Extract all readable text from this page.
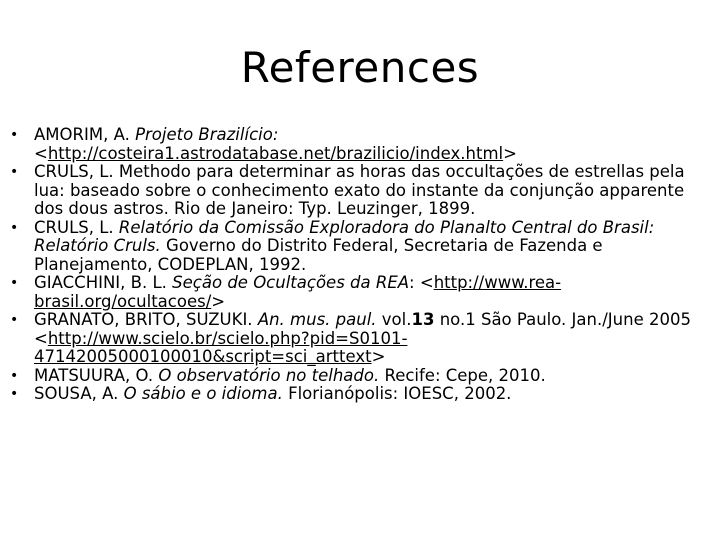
References
• AMORIM, A. Projeto Brazilício:
<http://costeira1.astrodatabase.net/brazilicio/index.html>
• CRULS, L. Methodo para determinar as horas das occultações de estrellas pela lua: baseado sobre o conhecimento exato do instante da conjunção apparente dos dous astros. Rio de Janeiro: Typ. Leuzinger, 1899.
• CRULS, L. Relatório da Comissão Exploradora do Planalto Central do Brasil: Relatório Cruls. Governo do Distrito Federal, Secretaria de Fazenda e Planejamento, CODEPLAN, 1992.
• GIACCHINI, B. L. Seção de Ocultações da REA: <http://www.rea-brasil.org/ocultacoes/>
• GRANATO, BRITO, SUZUKI. An. mus. paul. vol.13 no.1 São Paulo. Jan./June 2005 <http://www.scielo.br/scielo.php?pid=S0101-47142005000100010&script=sci_arttext>
• MATSUURA, O. O observatório no telhado. Recife: Cepe, 2010.
• SOUSA, A. O sábio e o idioma. Florianópolis: IOESC, 2002.
